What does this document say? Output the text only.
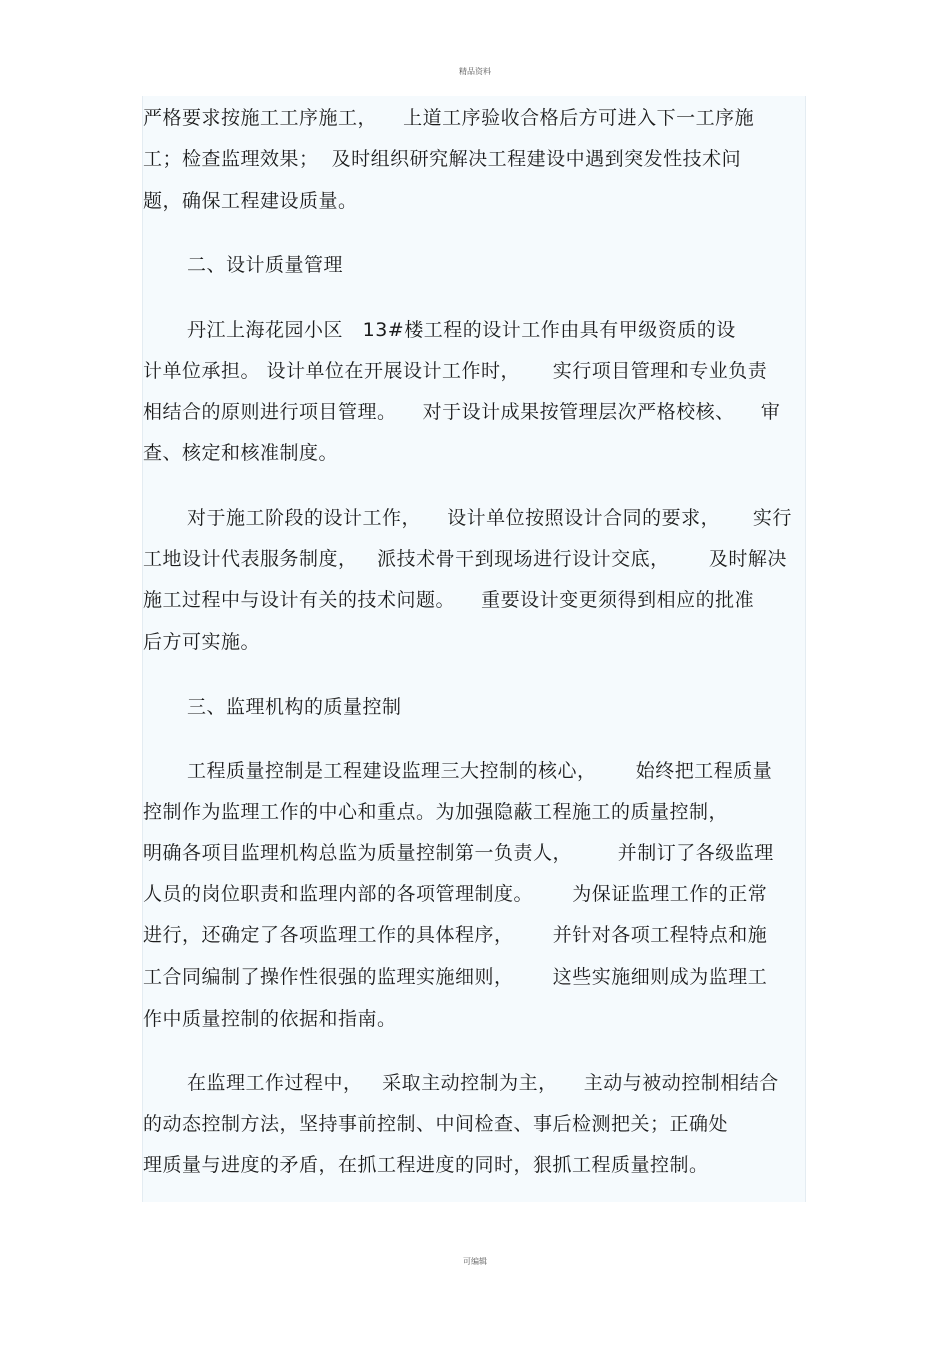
精品资料
严格要求按施工工序施工，    上道工序验收合格后方可进入下一工序施
工；检查监理效果；  及时组织研究解决工程建设中遇到突发性技术问
题，确保工程建设质量。
二、设计质量管理
丹江上海花园小区   13#楼工程的设计工作由具有甲级资质的设
计单位承担。 设计单位在开展设计工作时，     实行项目管理和专业负责
相结合的原则进行项目管理。    对于设计成果按管理层次严格校核、    审
查、核定和核准制度。
对于施工阶段的设计工作，    设计单位按照设计合同的要求，     实行
工地设计代表服务制度，   派技术骨干到现场进行设计交底，      及时解决
施工过程中与设计有关的技术问题。    重要设计变更须得到相应的批准
后方可实施。
三、监理机构的质量控制
工程质量控制是工程建设监理三大控制的核心，      始终把工程质量
控制作为监理工作的中心和重点。为加强隐蔽工程施工的质量控制，
明确各项目监理机构总监为质量控制第一负责人，       并制订了各级监理
人员的岗位职责和监理内部的各项管理制度。      为保证监理工作的正常
进行，还确定了各项监理工作的具体程序，      并针对各项工程特点和施
工合同编制了操作性很强的监理实施细则，      这些实施细则成为监理工
作中质量控制的依据和指南。
在监理工作过程中，   采取主动控制为主，    主动与被动控制相结合
的动态控制方法，坚持事前控制、中间检查、事后检测把关；正确处
理质量与进度的矛盾，在抓工程进度的同时，狠抓工程质量控制。
可编辑
